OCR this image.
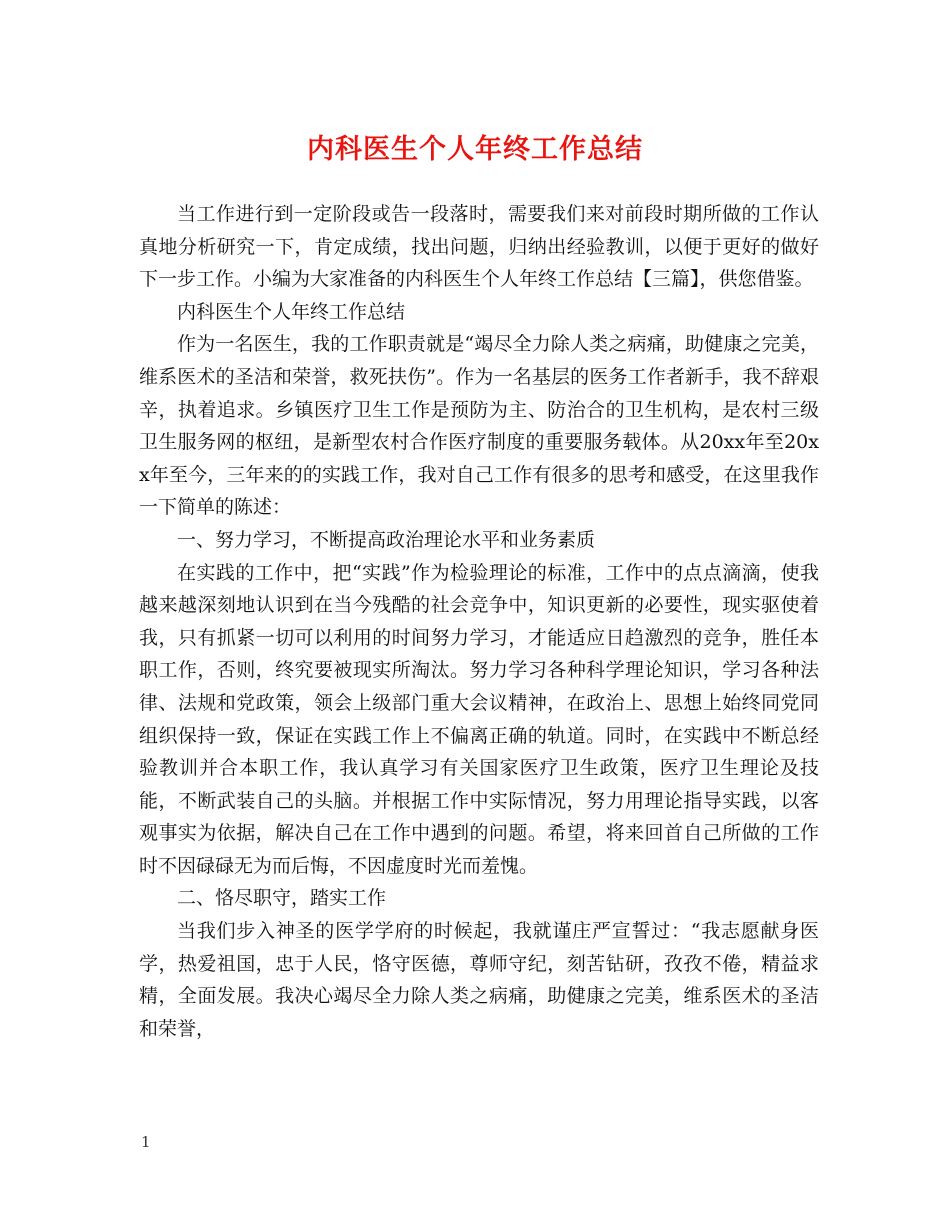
内科医生个人年终工作总结

当工作进行到一定阶段或告一段落时，需要我们来对前段时期所做的工作认真地分析研究一下，肯定成绩，找出问题，归纳出经验教训，以便于更好的做好下一步工作。小编为大家准备的内科医生个人年终工作总结【三篇】，供您借鉴。

内科医生个人年终工作总结

作为一名医生，我的工作职责就是“竭尽全力除人类之病痛，助健康之完美，维系医术的圣洁和荣誉，救死扶伤”。作为一名基层的医务工作者新手，我不辞艰辛，执着追求。乡镇医疗卫生工作是预防为主、防治合的卫生机构，是农村三级卫生服务网的枢纽，是新型农村合作医疗制度的重要服务载体。从20xx年至20xx年至今，三年来的的实践工作，我对自己工作有很多的思考和感受，在这里我作一下简单的陈述：

一、努力学习，不断提高政治理论水平和业务素质

在实践的工作中，把“实践”作为检验理论的标准，工作中的点点滴滴，使我越来越深刻地认识到在当今残酷的社会竞争中，知识更新的必要性，现实驱使着我，只有抓紧一切可以利用的时间努力学习，才能适应日趋激烈的竞争，胜任本职工作，否则，终究要被现实所淘汰。努力学习各种科学理论知识，学习各种法律、法规和党政策，领会上级部门重大会议精神，在政治上、思想上始终同党同组织保持一致，保证在实践工作上不偏离正确的轨道。同时，在实践中不断总经验教训并合本职工作，我认真学习有关国家医疗卫生政策，医疗卫生理论及技能，不断武装自己的头脑。并根据工作中实际情况，努力用理论指导实践，以客观事实为依据，解决自己在工作中遇到的问题。希望，将来回首自己所做的工作时不因碌碌无为而后悔，不因虚度时光而羞愧。

二、恪尽职守，踏实工作

当我们步入神圣的医学学府的时候起，我就谨庄严宣誓过：“我志愿献身医学，热爱祖国，忠于人民，恪守医德，尊师守纪，刻苦钻研，孜孜不倦，精益求精，全面发展。我决心竭尽全力除人类之病痛，助健康之完美，维系医术的圣洁和荣誉，

1
